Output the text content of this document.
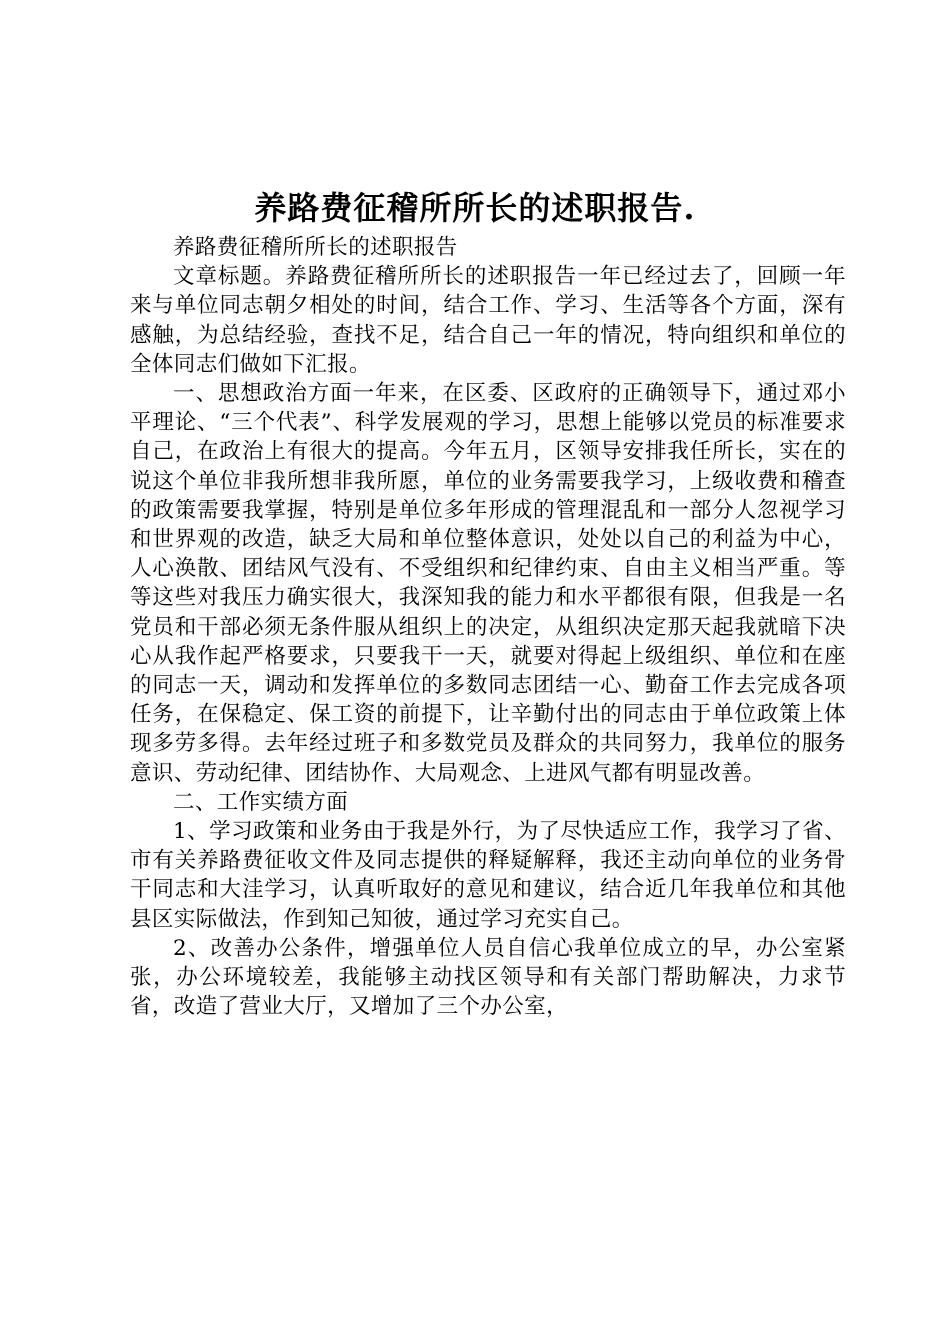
养路费征稽所所长的述职报告.

养路费征稽所所长的述职报告

文章标题。养路费征稽所所长的述职报告一年已经过去了，回顾一年来与单位同志朝夕相处的时间，结合工作、学习、生活等各个方面，深有感触，为总结经验，查找不足，结合自己一年的情况，特向组织和单位的全体同志们做如下汇报。

一、思想政治方面一年来，在区委、区政府的正确领导下，通过邓小平理论、“三个代表”、科学发展观的学习，思想上能够以党员的标准要求自己，在政治上有很大的提高。今年五月，区领导安排我任所长，实在的说这个单位非我所想非我所愿，单位的业务需要我学习，上级收费和稽查的政策需要我掌握，特别是单位多年形成的管理混乱和一部分人忽视学习和世界观的改造，缺乏大局和单位整体意识，处处以自己的利益为中心，人心涣散、团结风气没有、不受组织和纪律约束、自由主义相当严重。等等这些对我压力确实很大，我深知我的能力和水平都很有限，但我是一名党员和干部必须无条件服从组织上的决定，从组织决定那天起我就暗下决心从我作起严格要求，只要我干一天，就要对得起上级组织、单位和在座的同志一天，调动和发挥单位的多数同志团结一心、勤奋工作去完成各项任务，在保稳定、保工资的前提下，让辛勤付出的同志由于单位政策上体现多劳多得。去年经过班子和多数党员及群众的共同努力，我单位的服务意识、劳动纪律、团结协作、大局观念、上进风气都有明显改善。

二、工作实绩方面

1、学习政策和业务由于我是外行，为了尽快适应工作，我学习了省、市有关养路费征收文件及同志提供的释疑解释，我还主动向单位的业务骨干同志和大洼学习，认真听取好的意见和建议，结合近几年我单位和其他县区实际做法，作到知己知彼，通过学习充实自己。

2、改善办公条件，增强单位人员自信心我单位成立的早，办公室紧张，办公环境较差，我能够主动找区领导和有关部门帮助解决，力求节省，改造了营业大厅，又增加了三个办公室，
